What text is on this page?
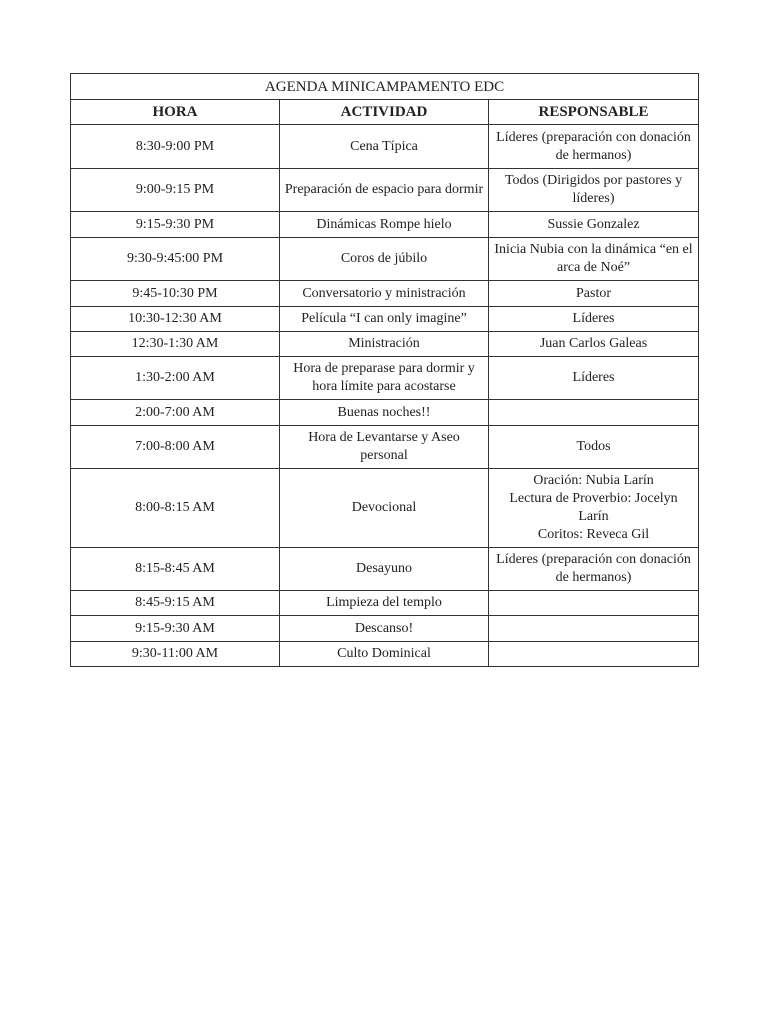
AGENDA MINICAMPAMENTO EDC		
HORA	ACTIVIDAD	RESPONSABLE
8:30-9:00 PM	Cena Típica	Líderes (preparación con donación de hermanos)
9:00-9:15 PM	Preparación de espacio para dormir	Todos (Dirigidos por pastores y líderes)
9:15-9:30 PM	Dinámicas Rompe hielo	Sussie Gonzalez
9:30-9:45:00 PM	Coros de júbilo	Inicia Nubia con la dinámica “en el arca de Noé”
9:45-10:30 PM	Conversatorio y ministración	Pastor
10:30-12:30 AM	Película “I can only imagine”	Líderes
12:30-1:30 AM	Ministración	Juan Carlos Galeas
1:30-2:00 AM	Hora de preparase para dormir y hora límite para acostarse	Líderes
2:00-7:00 AM	Buenas noches!!	
7:00-8:00 AM	Hora de Levantarse y Aseo personal	Todos
8:00-8:15 AM	Devocional	Oración: Nubia Larín
Lectura de Proverbio: Jocelyn Larín
Coritos: Reveca Gil
8:15-8:45 AM	Desayuno	Líderes (preparación con donación de hermanos)
8:45-9:15 AM	Limpieza del templo	
9:15-9:30 AM	Descanso!	
9:30-11:00 AM	Culto Dominical	
